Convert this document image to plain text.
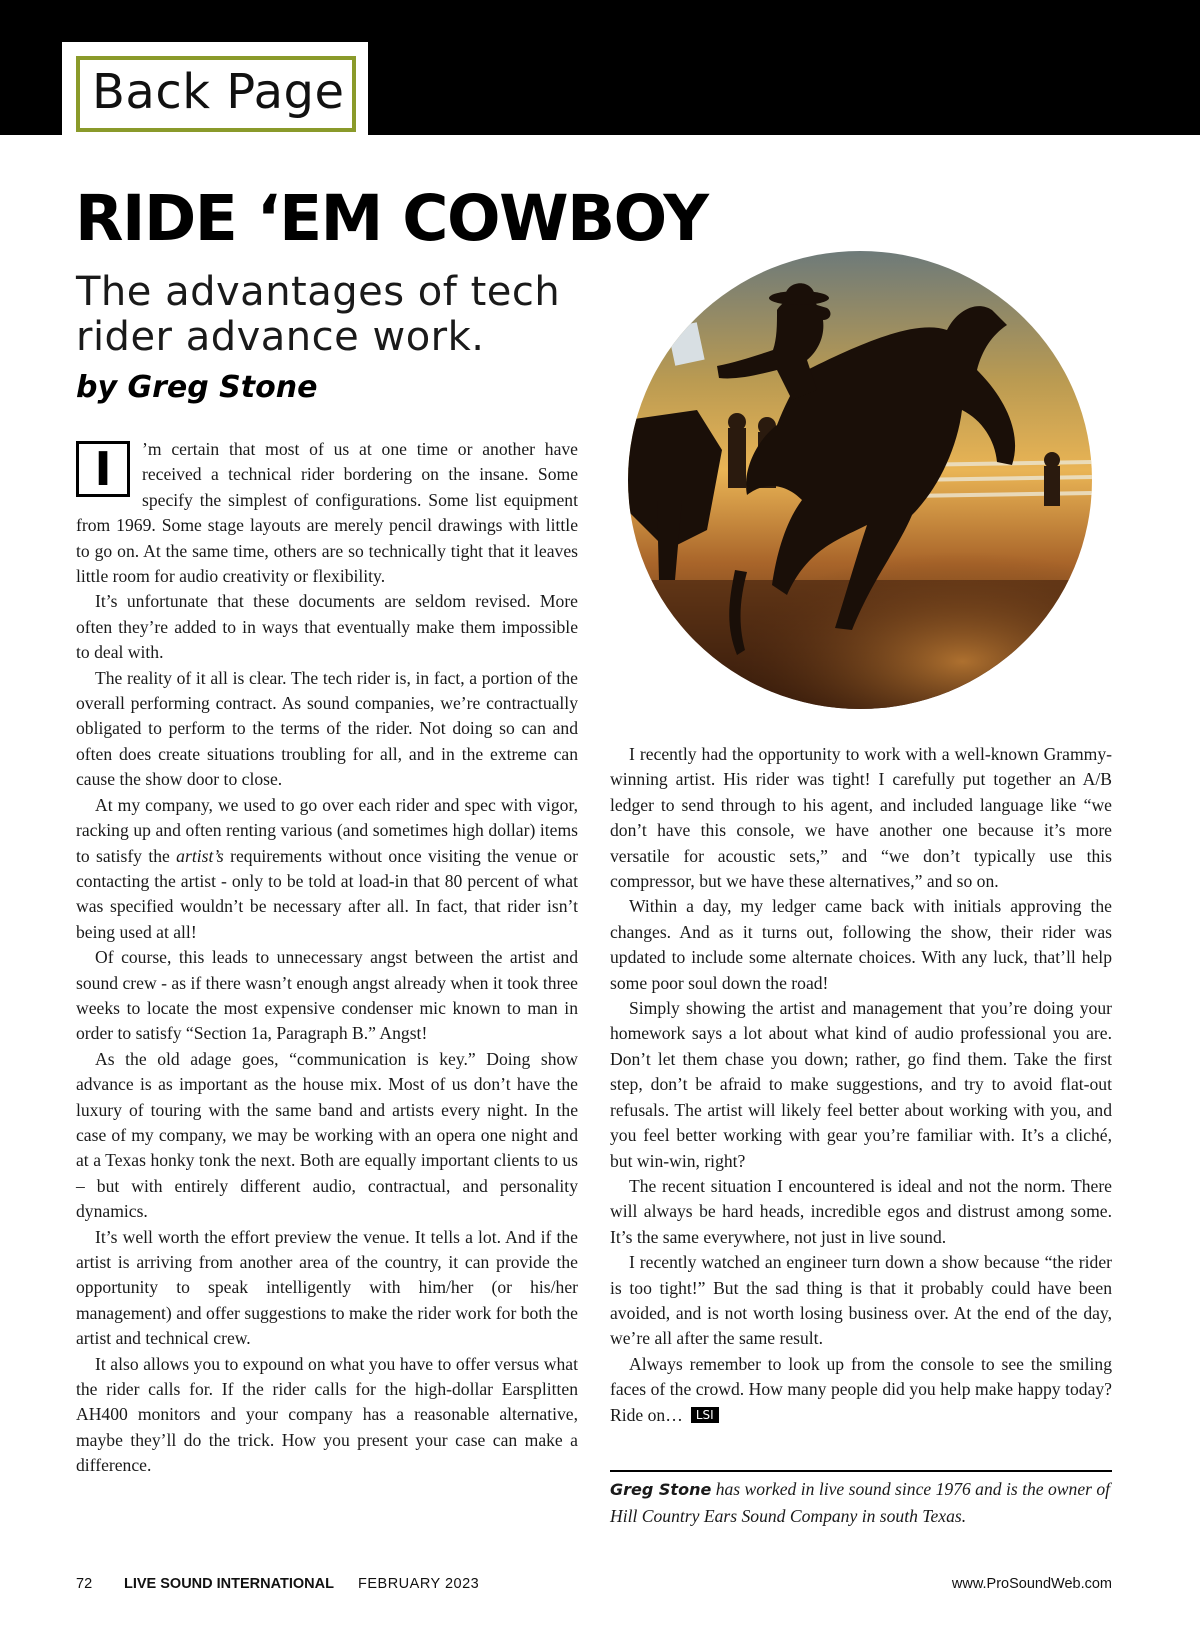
Back Page
RIDE ‘EM COWBOY
The advantages of tech rider advance work.
by Greg Stone

I	’m certain that most of us at one time or another have received a technical rider bordering on the insane. Some specify the simplest of configurations. Some list equipment from 1969. Some stage layouts are merely pencil drawings with little to go on. At the same time, others are so technically tight that it leaves little room for audio creativity or flexibility.

It’s unfortunate that these documents are seldom revised. More often they’re added to in ways that eventually make them impossible to deal with.

The reality of it all is clear. The tech rider is, in fact, a portion of the overall performing contract. As sound companies, we’re contractually obligated to perform to the terms of the rider. Not doing so can and often does create situations troubling for all, and in the extreme can cause the show door to close.

At my company, we used to go over each rider and spec with vigor, racking up and often renting various (and sometimes high dollar) items to satisfy the artist’s requirements without once visiting the venue or contacting the artist - only to be told at load-in that 80 percent of what was specified wouldn’t be necessary after all. In fact, that rider isn’t being used at all!

Of course, this leads to unnecessary angst between the artist and sound crew - as if there wasn’t enough angst already when it took three weeks to locate the most expensive condenser mic known to man in order to satisfy “Section 1a, Paragraph B.” Angst!

As the old adage goes, “communication is key.” Doing show advance is as important as the house mix. Most of us don’t have the luxury of touring with the same band and artists every night. In the case of my company, we may be working with an opera one night and at a Texas honky tonk the next. Both are equally important clients to us – but with entirely different audio, contractual, and personality dynamics.

It’s well worth the effort preview the venue. It tells a lot. And if the artist is arriving from another area of the country, it can provide the opportunity to speak intelligently with him/her (or his/her management) and offer suggestions to make the rider work for both the artist and technical crew.

It also allows you to expound on what you have to offer versus what the rider calls for. If the rider calls for the high-dollar Earsplitten AH400 monitors and your company has a reasonable alternative, maybe they’ll do the trick. How you present your case can make a difference.

I recently had the opportunity to work with a well-known Grammy-winning artist. His rider was tight! I carefully put together an A/B ledger to send through to his agent, and included language like “we don’t have this console, we have another one because it’s more versatile for acoustic sets,” and “we don’t typically use this compressor, but we have these alternatives,” and so on.

Within a day, my ledger came back with initials approving the changes. And as it turns out, following the show, their rider was updated to include some alternate choices. With any luck, that’ll help some poor soul down the road!

Simply showing the artist and management that you’re doing your homework says a lot about what kind of audio professional you are. Don’t let them chase you down; rather, go find them. Take the first step, don’t be afraid to make suggestions, and try to avoid flat-out refusals. The artist will likely feel better about working with you, and you feel better working with gear you’re familiar with. It’s a cliché, but win-win, right?

The recent situation I encountered is ideal and not the norm. There will always be hard heads, incredible egos and distrust among some. It’s the same everywhere, not just in live sound.

I recently watched an engineer turn down a show because “the rider is too tight!” But the sad thing is that it probably could have been avoided, and is not worth losing business over. At the end of the day, we’re all after the same result.

Always remember to look up from the console to see the smiling faces of the crowd. How many people did you help make happy today? Ride on… LSI

Greg Stone has worked in live sound since 1976 and is the owner of Hill Country Ears Sound Company in south Texas.

72 LIVE SOUND INTERNATIONAL FEBRUARY 2023	www.ProSoundWeb.com
